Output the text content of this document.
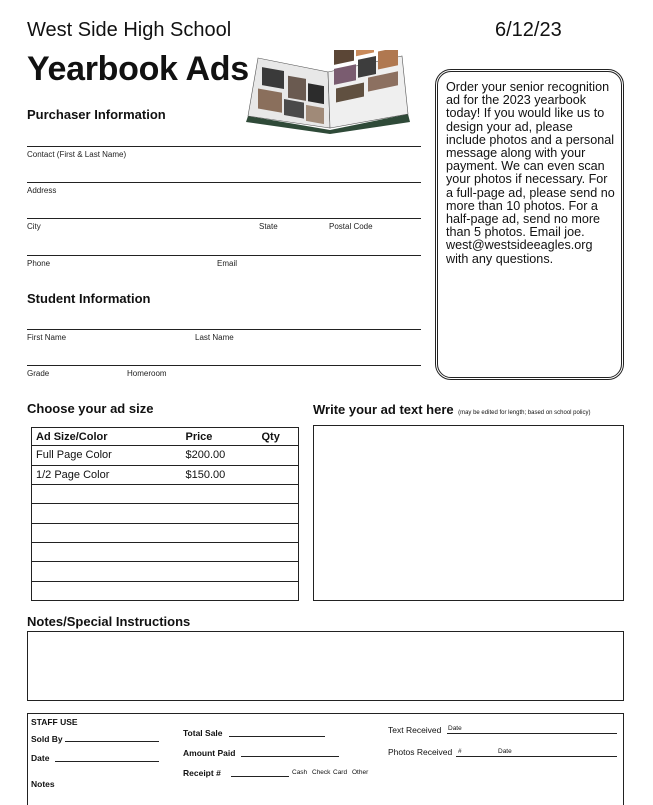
West Side High School	6/12/23
Yearbook Ads
Purchaser Information
Contact (First & Last Name)
Address
City	State	Postal Code
Phone	Email
Student Information
First Name	Last Name
Grade	Homeroom
Order your senior recognition ad for the 2023 yearbook today! If you would like us to design your ad, please include photos and a personal message along with your payment. We can even scan your photos if necessary. For a full-page ad, please send no more than 10 photos. For a half-page ad, send no more than 5 photos. Email joe. west@westsideeagles.org with any questions.
Choose your ad size
Ad Size/Color	Price	Qty
Full Page Color	$200.00	
1/2 Page Color	$150.00	

Write your ad text here (may be edited for length; based on school policy)
Notes/Special Instructions
STAFF USE
Sold By
Date
Notes
Total Sale
Amount Paid
Receipt #	Cash Check Card Other
Text Received Date
Photos Received #	Date
